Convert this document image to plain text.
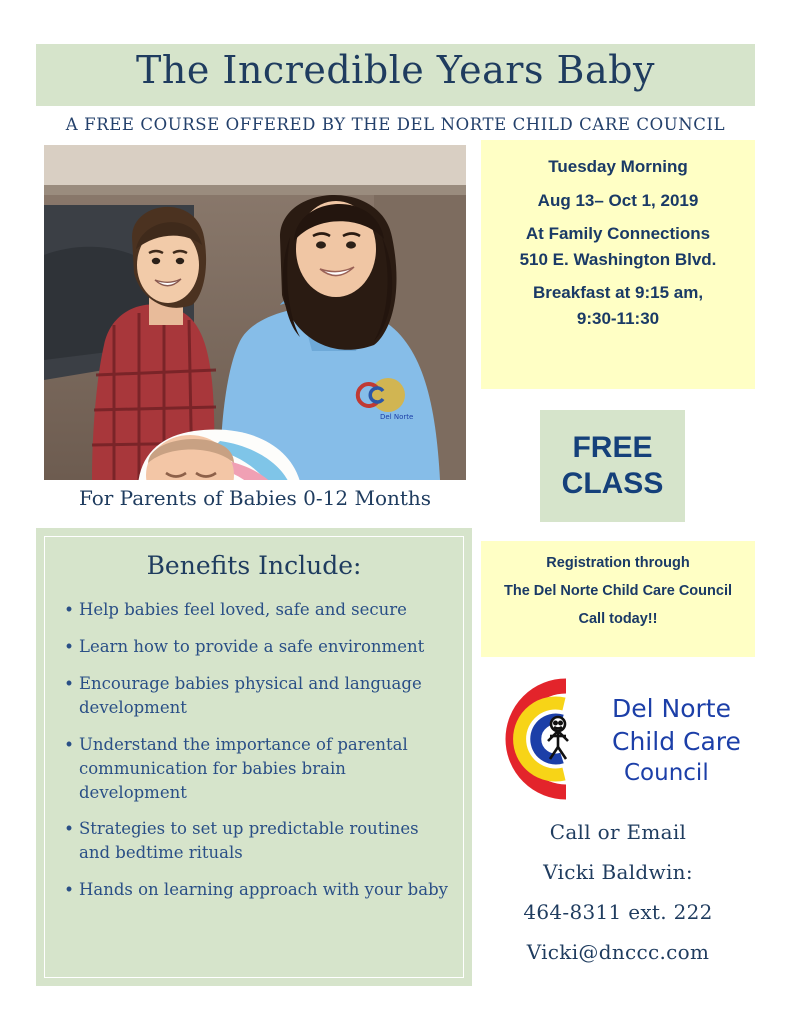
The Incredible Years Baby
A FREE COURSE OFFERED BY THE DEL NORTE CHILD CARE COUNCIL
Del Norte
For Parents of Babies 0-12 Months
Tuesday Morning
Aug 13– Oct 1, 2019
At Family Connections
510 E. Washington Blvd.
Breakfast at 9:15 am,
9:30-11:30
FREE
CLASS
Benefits Include:
• Help babies feel loved, safe and secure
• Learn how to provide a safe environment
• Encourage babies physical and language development
• Understand the importance of parental communication for babies brain development
• Strategies to set up predictable routines and bedtime rituals
• Hands on learning approach with your baby
Registration through
The Del Norte Child Care Council
Call today!!
Del Norte
Child Care
Council
Call or Email
Vicki Baldwin:
464-8311 ext. 222
Vicki@dnccc.com
